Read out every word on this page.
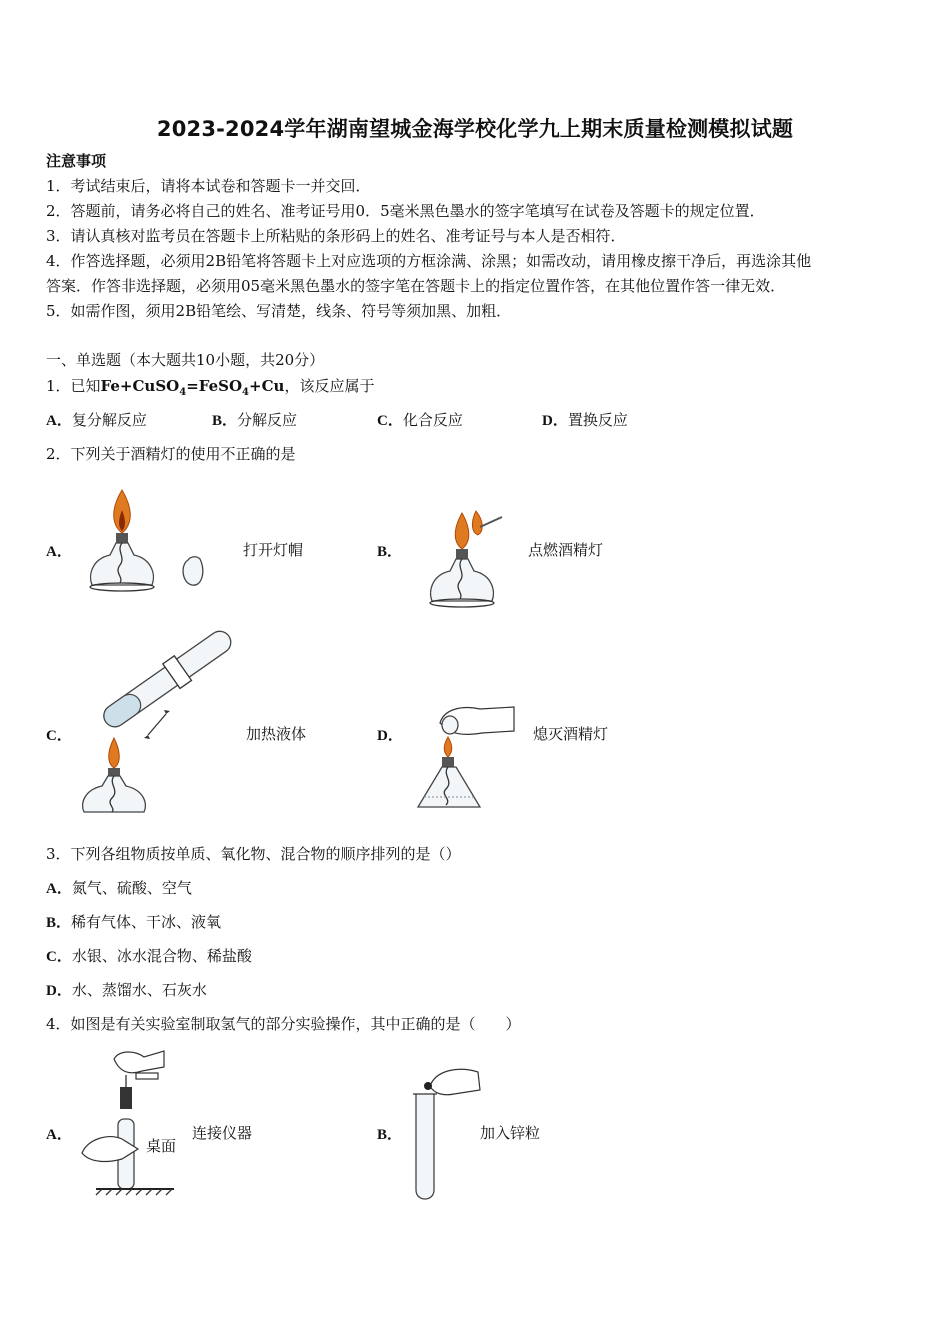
2023-2024学年湖南望城金海学校化学九上期末质量检测模拟试题
注意事项
1．考试结束后，请将本试卷和答题卡一并交回．
2．答题前，请务必将自己的姓名、准考证号用0．5毫米黑色墨水的签字笔填写在试卷及答题卡的规定位置．
3．请认真核对监考员在答题卡上所粘贴的条形码上的姓名、准考证号与本人是否相符．
4．作答选择题，必须用2B铅笔将答题卡上对应选项的方框涂满、涂黑；如需改动，请用橡皮擦干净后，再选涂其他
答案．作答非选择题，必须用05毫米黑色墨水的签字笔在答题卡上的指定位置作答，在其他位置作答一律无效．
5．如需作图，须用2B铅笔绘、写清楚，线条、符号等须加黑、加粗．
一、单选题（本大题共10小题，共20分）
1．已知Fe+CuSO$_4$=FeSO$_4$+Cu，该反应属于
A．复分解反应	B．分解反应	C．化合反应	D．置换反应
2．下列关于酒精灯的使用不正确的是
A．	打开灯帽	B．	点燃酒精灯
C．	加热液体	D．	熄灭酒精灯
3．下列各组物质按单质、氧化物、混合物的顺序排列的是（）
A．氮气、硫酸、空气
B．稀有气体、干冰、液氧
C．水银、冰水混合物、稀盐酸
D．水、蒸馏水、石灰水
4．如图是有关实验室制取氢气的部分实验操作，其中正确的是（　　）
A．
桌面
连接仪器	B．	加入锌粒
